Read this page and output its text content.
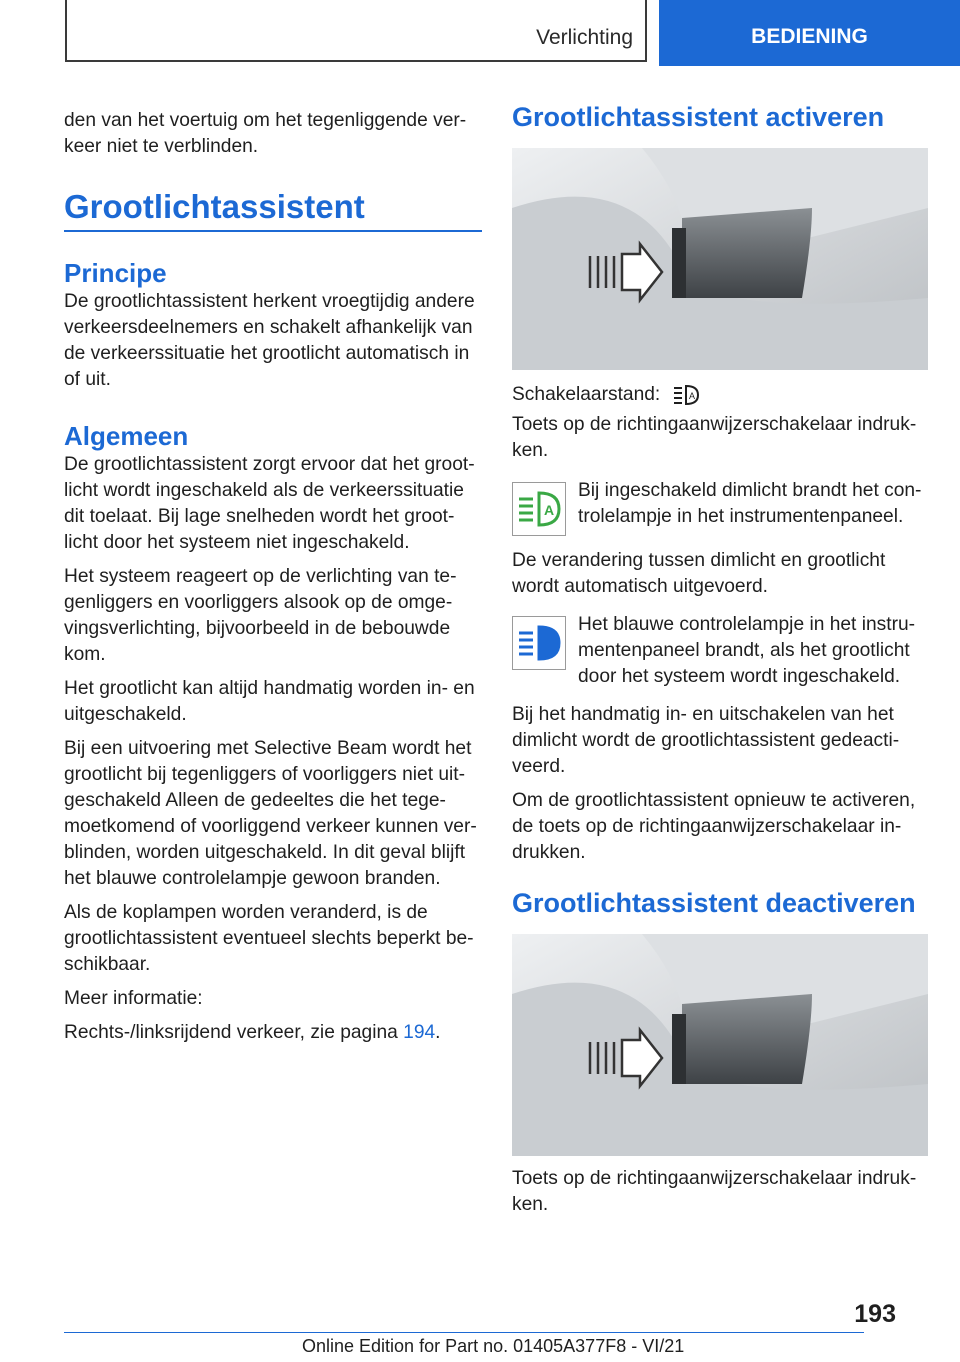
Verlichting	BEDIENING

den van het voertuig om het tegenliggende ver-keer niet te verblinden.

Grootlichtassistent
Principe

De grootlichtassistent herkent vroegtijdig andere verkeersdeelnemers en schakelt afhankelijk van de verkeerssituatie het grootlicht automatisch in of uit.

Algemeen

De grootlichtassistent zorgt ervoor dat het groot-licht wordt ingeschakeld als de verkeerssituatie dit toelaat. Bij lage snelheden wordt het groot-licht door het systeem niet ingeschakeld.

Het systeem reageert op de verlichting van te-genliggers en voorliggers alsook op de omge-vingsverlichting, bijvoorbeeld in de bebouwde kom.

Het grootlicht kan altijd handmatig worden in- en uitgeschakeld.

Bij een uitvoering met Selective Beam wordt het grootlicht bij tegenliggers of voorliggers niet uit-geschakeld Alleen de gedeeltes die het tege-moetkomend of voorliggend verkeer kunnen ver-blinden, worden uitgeschakeld. In dit geval blijft het blauwe controlelampje gewoon branden.

Als de koplampen worden veranderd, is de grootlichtassistent eventueel slechts beperkt be-schikbaar.

Meer informatie:

Rechts-/linksrijdend verkeer, zie pagina 194.

Grootlichtassistent activeren
Schakelaarstand:	A

Toets op de richtingaanwijzerschakelaar indruk-ken.

A

Bij ingeschakeld dimlicht brandt het con-trolelampje in het instrumentenpaneel.

De verandering tussen dimlicht en grootlicht wordt automatisch uitgevoerd.

Het blauwe controlelampje in het instru-mentenpaneel brandt, als het grootlicht door het systeem wordt ingeschakeld.

Bij het handmatig in- en uitschakelen van het dimlicht wordt de grootlichtassistent gedeacti-veerd.

Om de grootlichtassistent opnieuw te activeren, de toets op de richtingaanwijzerschakelaar in-drukken.

Grootlichtassistent deactiveren

Toets op de richtingaanwijzerschakelaar indruk-ken.

193
Online Edition for Part no. 01405A377F8 - VI/21
